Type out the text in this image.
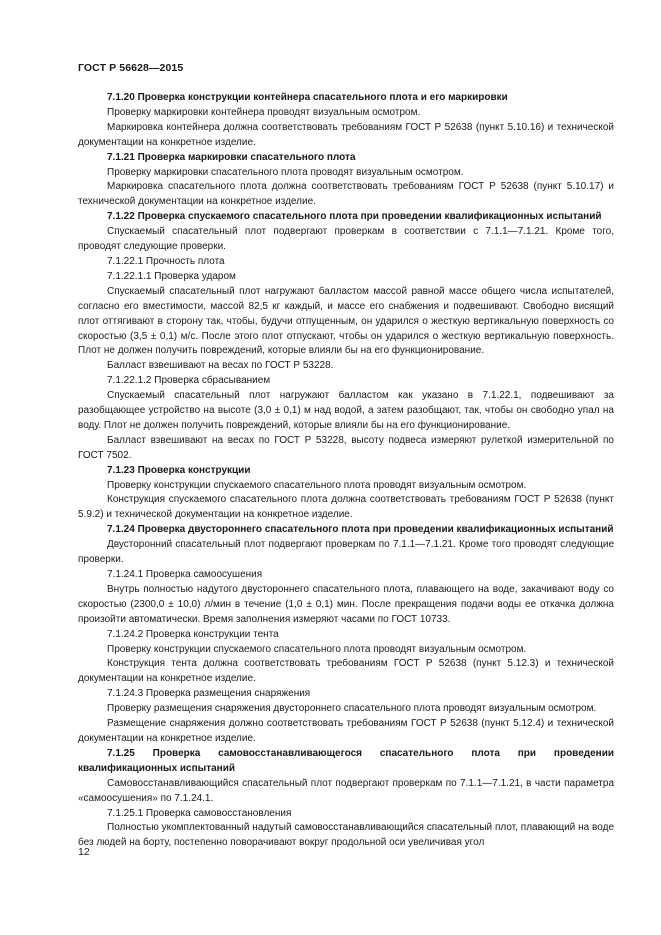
ГОСТ Р 56628—2015

7.1.20 Проверка конструкции контейнера спасательного плота и его маркировки

Проверку маркировки контейнера проводят визуальным осмотром.

Маркировка контейнера должна соответствовать требованиям ГОСТ Р 52638 (пункт 5.10.16) и технической документации на конкретное изделие.

7.1.21 Проверка маркировки спасательного плота

Проверку маркировки спасательного плота проводят визуальным осмотром.

Маркировка спасательного плота должна соответствовать требованиям ГОСТ Р 52638 (пункт 5.10.17) и технической документации на конкретное изделие.

7.1.22 Проверка спускаемого спасательного плота при проведении квалификационных испытаний

Спускаемый спасательный плот подвергают проверкам в соответствии с 7.1.1—7.1.21. Кроме того, проводят следующие проверки.

7.1.22.1 Прочность плота

7.1.22.1.1 Проверка ударом

Спускаемый спасательный плот нагружают балластом массой равной массе общего числа испытателей, согласно его вместимости, массой 82,5 кг каждый, и массе его снабжения и подвешивают. Свободно висящий плот оттягивают в сторону так, чтобы, будучи отпущенным, он ударился о жесткую вертикальную поверхность со скоростью (3,5 ± 0,1) м/с. После этого плот отпускают, чтобы он ударился о жесткую вертикальную поверхность. Плот не должен получить повреждений, которые влияли бы на его функционирование.

Балласт взвешивают на весах по ГОСТ Р 53228.

7.1.22.1.2 Проверка сбрасыванием

Спускаемый спасательный плот нагружают балластом как указано в 7.1.22.1, подвешивают за разобщающее устройство на высоте (3,0 ± 0,1) м над водой, а затем разобщают, так, чтобы он свободно упал на воду. Плот не должен получить повреждений, которые влияли бы на его функционирование.

Балласт взвешивают на весах по ГОСТ Р 53228, высоту подвеса измеряют рулеткой измерительной по ГОСТ 7502.

7.1.23 Проверка конструкции

Проверку конструкции спускаемого спасательного плота проводят визуальным осмотром.

Конструкция спускаемого спасательного плота должна соответствовать требованиям ГОСТ Р 52638 (пункт 5.9.2) и технической документации на конкретное изделие.

7.1.24 Проверка двустороннего спасательного плота при проведении квалификационных испытаний

Двусторонний спасательный плот подвергают проверкам по 7.1.1—7.1.21. Кроме того проводят следующие проверки.

7.1.24.1 Проверка самоосушения

Внутрь полностью надутого двустороннего спасательного плота, плавающего на воде, закачивают воду со скоростью (2300,0 ± 10,0) л/мин в течение (1,0 ± 0,1) мин. После прекращения подачи воды ее откачка должна произойти автоматически. Время заполнения измеряют часами по ГОСТ 10733.

7.1.24.2 Проверка конструкции тента

Проверку конструкции спускаемого спасательного плота проводят визуальным осмотром.

Конструкция тента должна соответствовать требованиям ГОСТ Р 52638 (пункт 5.12.3) и технической документации на конкретное изделие.

7.1.24.3 Проверка размещения снаряжения

Проверку размещения снаряжения двустороннего спасательного плота проводят визуальным осмотром.

Размещение снаряжения должно соответствовать требованиям ГОСТ Р 52638 (пункт 5.12.4) и технической документации на конкретное изделие.

7.1.25 Проверка самовосстанавливающегося спасательного плота при проведении квалификационных испытаний

Самовосстанавливающийся спасательный плот подвергают проверкам по 7.1.1—7.1.21, в части параметра «самоосушения» по 7.1.24.1.

7.1.25.1 Проверка самовосстановления

Полностью укомплектованный надутый самовосстанавливающийся спасательный плот, плавающий на воде без людей на борту, постепенно поворачивают вокруг продольной оси увеличивая угол

12
